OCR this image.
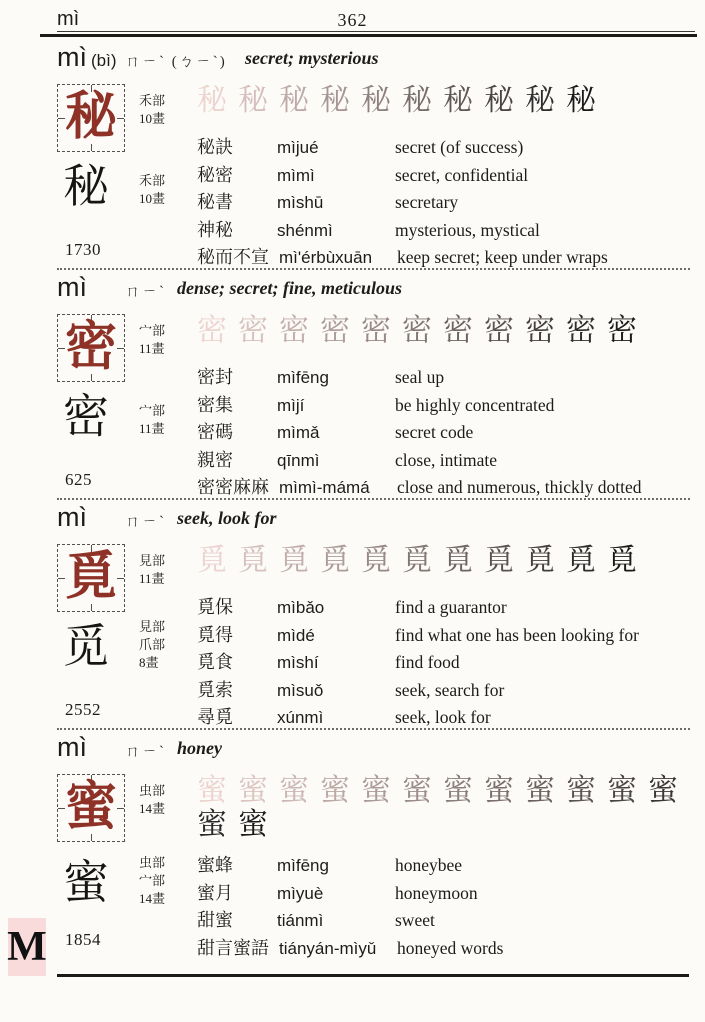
mì	362
mì (bì) ㄇㄧˋ (ㄅㄧˋ) secret; mysterious
秘 禾部
10畫
秘 秘 秘 秘 秘 秘 秘 秘 秘 秘
秘訣	mìjué	secret (of success)
秘密	mìmì	secret, confidential
秘書	mìshū	secretary
神秘	shénmì	mysterious, mystical
秘而不宣 mì'érbùxuān	keep secret; keep under wraps
秘 禾部
10畫
1730
mì	ㄇㄧˋ dense; secret; fine, meticulous
密 宀部
11畫
密 密 密 密 密 密 密 密 密 密 密
密封	mìfēng	seal up
密集	mìjí	be highly concentrated
密碼	mìmǎ	secret code
親密	qīnmì	close, intimate
密密麻麻 mìmì-mámá	close and numerous, thickly dotted
密 宀部
11畫
625
mì	ㄇㄧˋ seek, look for
覓 見部
11畫
覓 覓 覓 覓 覓 覓 覓 覓 覓 覓 覓
覓保	mìbǎo	find a guarantor
覓得	mìdé	find what one has been looking for
覓食	mìshí	find food
覓索	mìsuǒ	seek, search for
尋覓	xúnmì	seek, look for
觅 見部
爪部
8畫
2552
mì	ㄇㄧˋ honey
蜜 虫部
14畫
蜜 蜜 蜜 蜜 蜜 蜜 蜜 蜜 蜜 蜜 蜜 蜜
蜜 蜜
蜜蜂	mìfēng	honeybee
蜜月	mìyuè	honeymoon
甜蜜	tiánmì	sweet
甜言蜜語 tiányán-mìyǔ	honeyed words
蜜 虫部
宀部
14畫
1854
M
